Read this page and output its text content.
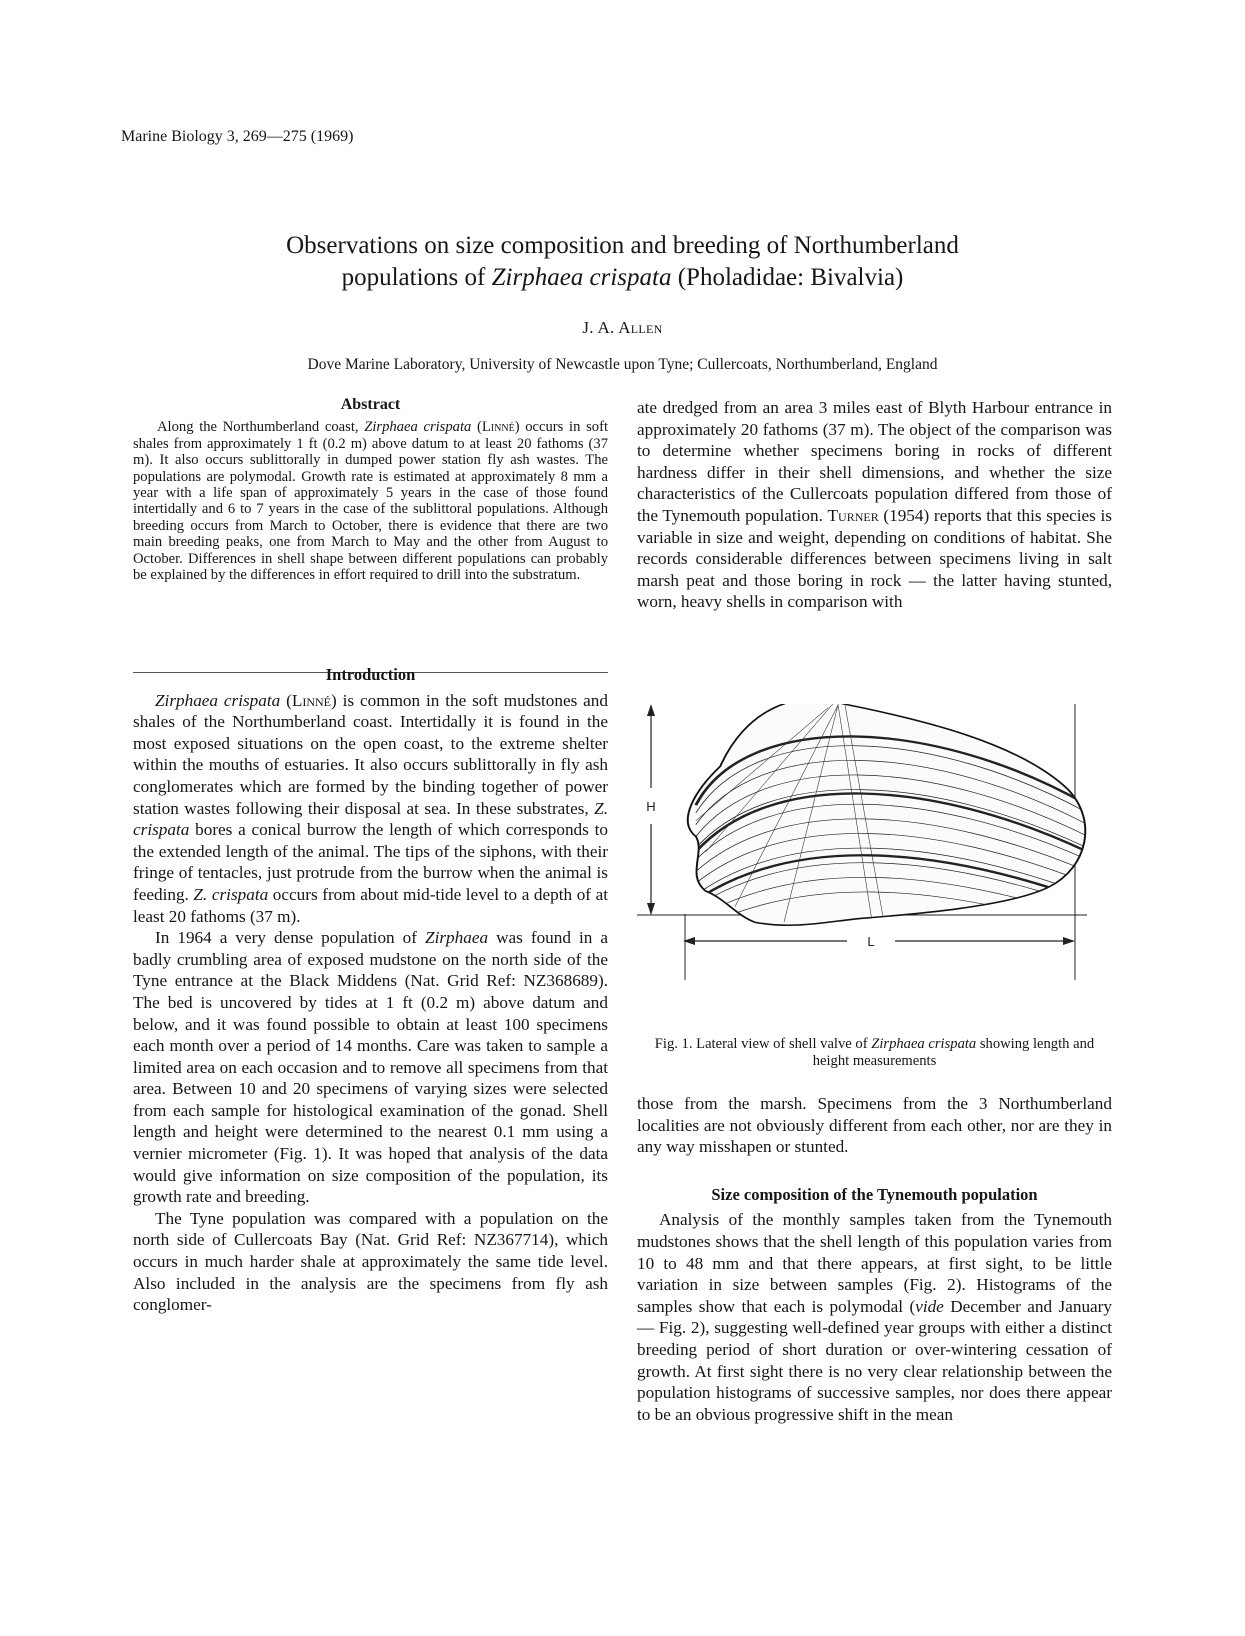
Marine Biology 3, 269—275 (1969)
Observations on size composition and breeding of Northumberland
populations of Zirphaea crispata (Pholadidae: Bivalvia)
J. A. Allen
Dove Marine Laboratory, University of Newcastle upon Tyne; Cullercoats, Northumberland, England
Abstract

Along the Northumberland coast, Zirphaea crispata (Linné) occurs in soft shales from approximately 1 ft (0.2 m) above datum to at least 20 fathoms (37 m). It also occurs sublittorally in dumped power station fly ash wastes. The populations are polymodal. Growth rate is estimated at approximately 8 mm a year with a life span of approximately 5 years in the case of those found intertidally and 6 to 7 years in the case of the sublittoral populations. Although breeding occurs from March to October, there is evidence that there are two main breeding peaks, one from March to May and the other from August to October. Differences in shell shape between different populations can probably be explained by the differences in effort required to drill into the substratum.

Introduction

Zirphaea crispata (Linné) is common in the soft mudstones and shales of the Northumberland coast. Intertidally it is found in the most exposed situations on the open coast, to the extreme shelter within the mouths of estuaries. It also occurs sublittorally in fly ash conglomerates which are formed by the binding together of power station wastes following their disposal at sea. In these substrates, Z. crispata bores a conical burrow the length of which corresponds to the extended length of the animal. The tips of the siphons, with their fringe of tentacles, just protrude from the burrow when the animal is feeding. Z. crispata occurs from about mid-tide level to a depth of at least 20 fathoms (37 m).

In 1964 a very dense population of Zirphaea was found in a badly crumbling area of exposed mudstone on the north side of the Tyne entrance at the Black Middens (Nat. Grid Ref: NZ368689). The bed is uncovered by tides at 1 ft (0.2 m) above datum and below, and it was found possible to obtain at least 100 specimens each month over a period of 14 months. Care was taken to sample a limited area on each occasion and to remove all specimens from that area. Between 10 and 20 specimens of varying sizes were selected from each sample for histological examination of the gonad. Shell length and height were determined to the nearest 0.1 mm using a vernier micrometer (Fig. 1). It was hoped that analysis of the data would give information on size composition of the population, its growth rate and breeding.

The Tyne population was compared with a population on the north side of Cullercoats Bay (Nat. Grid Ref: NZ367714), which occurs in much harder shale at approximately the same tide level. Also included in the analysis are the specimens from fly ash conglomer-

ate dredged from an area 3 miles east of Blyth Harbour entrance in approximately 20 fathoms (37 m). The object of the comparison was to determine whether specimens boring in rocks of different hardness differ in their shell dimensions, and whether the size characteristics of the Cullercoats population differed from those of the Tynemouth population. Turner (1954) reports that this species is variable in size and weight, depending on conditions of habitat. She records considerable differences between specimens living in salt marsh peat and those boring in rock — the latter having stunted, worn, heavy shells in comparison with

H
L
Fig. 1. Lateral view of shell valve of Zirphaea crispata showing length and height measurements

those from the marsh. Specimens from the 3 Northumberland localities are not obviously different from each other, nor are they in any way misshapen or stunted.

Size composition of the Tynemouth population

Analysis of the monthly samples taken from the Tynemouth mudstones shows that the shell length of this population varies from 10 to 48 mm and that there appears, at first sight, to be little variation in size between samples (Fig. 2). Histograms of the samples show that each is polymodal (vide December and January — Fig. 2), suggesting well-defined year groups with either a distinct breeding period of short duration or over-wintering cessation of growth. At first sight there is no very clear relationship between the population histograms of successive samples, nor does there appear to be an obvious progressive shift in the mean
